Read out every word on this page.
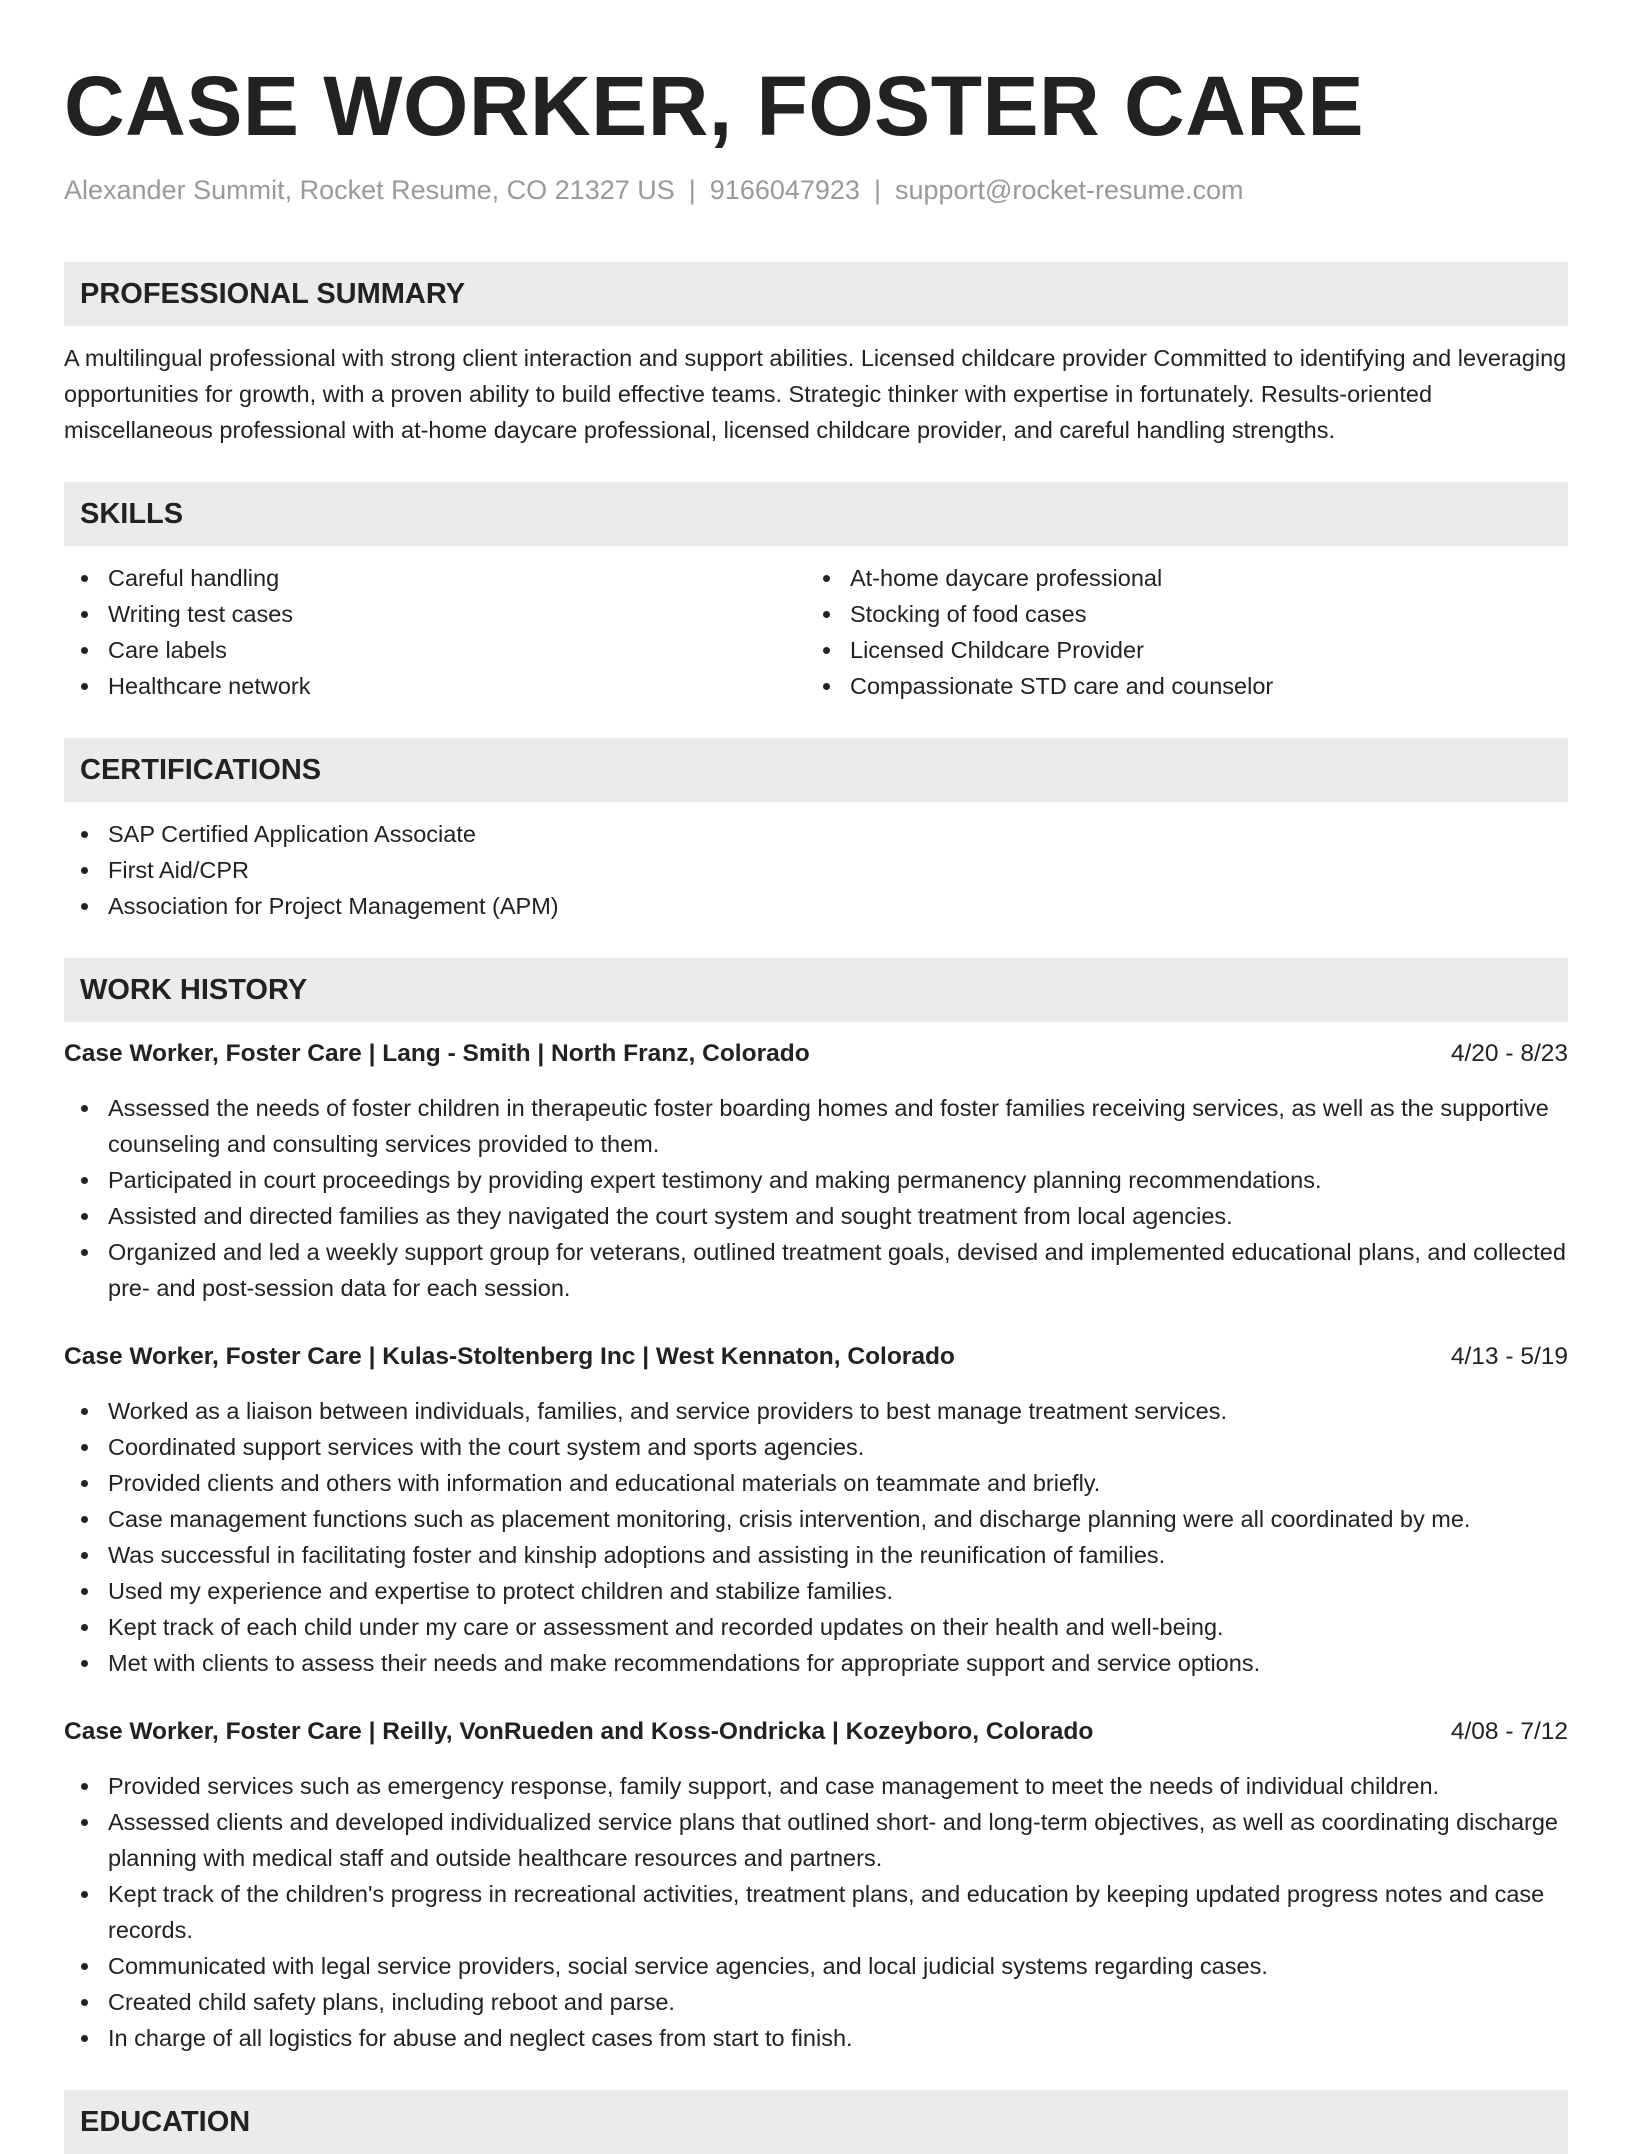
CASE WORKER, FOSTER CARE
Alexander Summit, Rocket Resume, CO 21327 US | 9166047923 | support@rocket-resume.com
PROFESSIONAL SUMMARY

A multilingual professional with strong client interaction and support abilities. Licensed childcare provider Committed to identifying and leveraging opportunities for growth, with a proven ability to build effective teams. Strategic thinker with expertise in fortunately. Results-oriented miscellaneous professional with at-home daycare professional, licensed childcare provider, and careful handling strengths.

SKILLS
Careful handling
Writing test cases
Care labels
Healthcare network
At-home daycare professional
Stocking of food cases
Licensed Childcare Provider
Compassionate STD care and counselor
CERTIFICATIONS
SAP Certified Application Associate
First Aid/CPR
Association for Project Management (APM)
WORK HISTORY
Case Worker, Foster Care | Lang - Smith | North Franz, Colorado	4/20 - 8/23
Assessed the needs of foster children in therapeutic foster boarding homes and foster families receiving services, as well as the supportive counseling and consulting services provided to them.
Participated in court proceedings by providing expert testimony and making permanency planning recommendations.
Assisted and directed families as they navigated the court system and sought treatment from local agencies.
Organized and led a weekly support group for veterans, outlined treatment goals, devised and implemented educational plans, and collected pre- and post-session data for each session.
Case Worker, Foster Care | Kulas-Stoltenberg Inc | West Kennaton, Colorado	4/13 - 5/19
Worked as a liaison between individuals, families, and service providers to best manage treatment services.
Coordinated support services with the court system and sports agencies.
Provided clients and others with information and educational materials on teammate and briefly.
Case management functions such as placement monitoring, crisis intervention, and discharge planning were all coordinated by me.
Was successful in facilitating foster and kinship adoptions and assisting in the reunification of families.
Used my experience and expertise to protect children and stabilize families.
Kept track of each child under my care or assessment and recorded updates on their health and well-being.
Met with clients to assess their needs and make recommendations for appropriate support and service options.
Case Worker, Foster Care | Reilly, VonRueden and Koss-Ondricka | Kozeyboro, Colorado	4/08 - 7/12
Provided services such as emergency response, family support, and case management to meet the needs of individual children.
Assessed clients and developed individualized service plans that outlined short- and long-term objectives, as well as coordinating discharge planning with medical staff and outside healthcare resources and partners.
Kept track of the children's progress in recreational activities, treatment plans, and education by keeping updated progress notes and case records.
Communicated with legal service providers, social service agencies, and local judicial systems regarding cases.
Created child safety plans, including reboot and parse.
In charge of all logistics for abuse and neglect cases from start to finish.
EDUCATION
